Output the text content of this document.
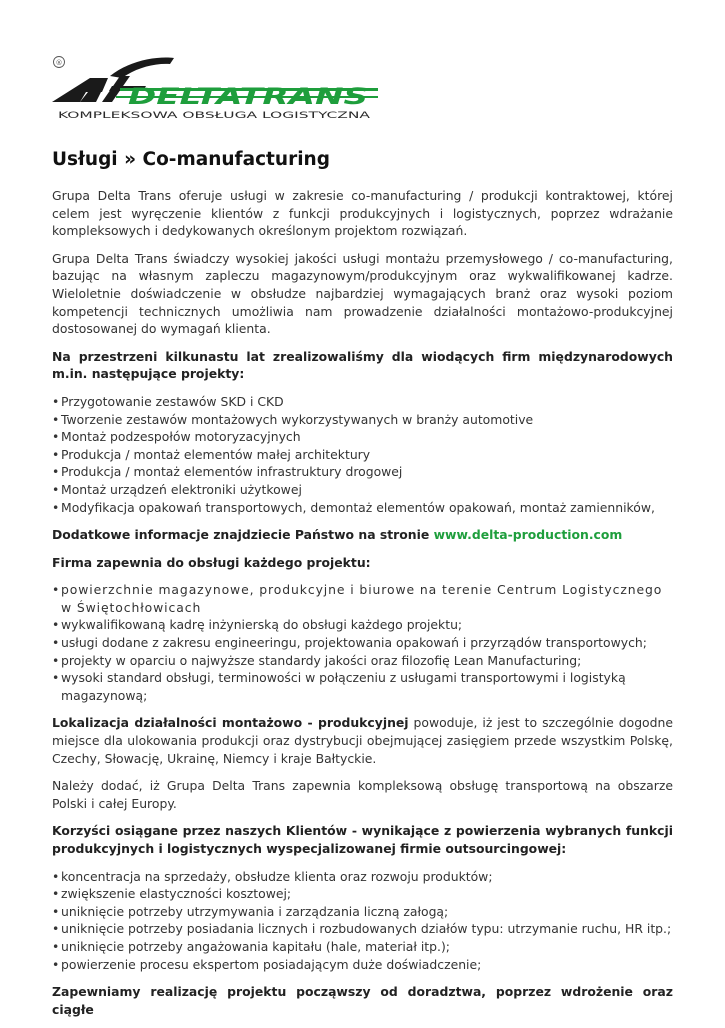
®
DELTATRANS
KOMPLEKSOWA OBSŁUGA LOGISTYCZNA
Usługi » Co-manufacturing

Grupa Delta Trans oferuje usługi w zakresie co-manufacturing / produkcji kontraktowej, której celem jest wyręczenie klientów z funkcji produkcyjnych i logistycznych, poprzez wdrażanie kompleksowych i dedykowanych określonym projektom rozwiązań.

Grupa Delta Trans świadczy wysokiej jakości usługi montażu przemysłowego / co-manufacturing, bazując na własnym zapleczu magazynowym/produkcyjnym oraz wykwalifikowanej kadrze. Wieloletnie doświadczenie w obsłudze najbardziej wymagających branż oraz wysoki poziom kompetencji technicznych umożliwia nam prowadzenie działalności montażowo-produkcyjnej dostosowanej do wymagań klienta.

Na przestrzeni kilkunastu lat zrealizowaliśmy dla wiodących firm międzynarodowych m.in. następujące projekty:

• Przygotowanie zestawów SKD i CKD
• Tworzenie zestawów montażowych wykorzystywanych w branży automotive
• Montaż podzespołów motoryzacyjnych
• Produkcja / montaż elementów małej architektury
• Produkcja / montaż elementów infrastruktury drogowej
• Montaż urządzeń elektroniki użytkowej
• Modyfikacja opakowań transportowych, demontaż elementów opakowań, montaż zamienników,

Dodatkowe informacje znajdziecie Państwo na stronie www.delta-production.com

Firma zapewnia do obsługi każdego projektu:

• powierzchnie magazynowe, produkcyjne i biurowe na terenie Centrum Logistycznego w Świętochłowicach
• wykwalifikowaną kadrę inżynierską do obsługi każdego projektu;
• usługi dodane z zakresu engineeringu, projektowania opakowań i przyrządów transportowych;
• projekty w oparciu o najwyższe standardy jakości oraz filozofię Lean Manufacturing;
• wysoki standard obsługi, terminowości w połączeniu z usługami transportowymi i logistyką magazynową;

Lokalizacja działalności montażowo - produkcyjnej powoduje, iż jest to szczególnie dogodne miejsce dla ulokowania produkcji oraz dystrybucji obejmującej zasięgiem przede wszystkim Polskę, Czechy, Słowację, Ukrainę, Niemcy i kraje Bałtyckie.

Należy dodać, iż Grupa Delta Trans zapewnia kompleksową obsługę transportową na obszarze Polski i całej Europy.

Korzyści osiągane przez naszych Klientów - wynikające z powierzenia wybranych funkcji produkcyjnych i logistycznych wyspecjalizowanej firmie outsourcingowej:

• koncentracja na sprzedaży, obsłudze klienta oraz rozwoju produktów;
• zwiększenie elastyczności kosztowej;
• uniknięcie potrzeby utrzymywania i zarządzania liczną załogą;
• uniknięcie potrzeby posiadania licznych i rozbudowanych działów typu: utrzymanie ruchu, HR itp.;
• uniknięcie potrzeby angażowania kapitału (hale, materiał itp.);
• powierzenie procesu ekspertom posiadającym duże doświadczenie;

Zapewniamy realizację projektu począwszy od doradztwa, poprzez wdrożenie oraz ciągłe
